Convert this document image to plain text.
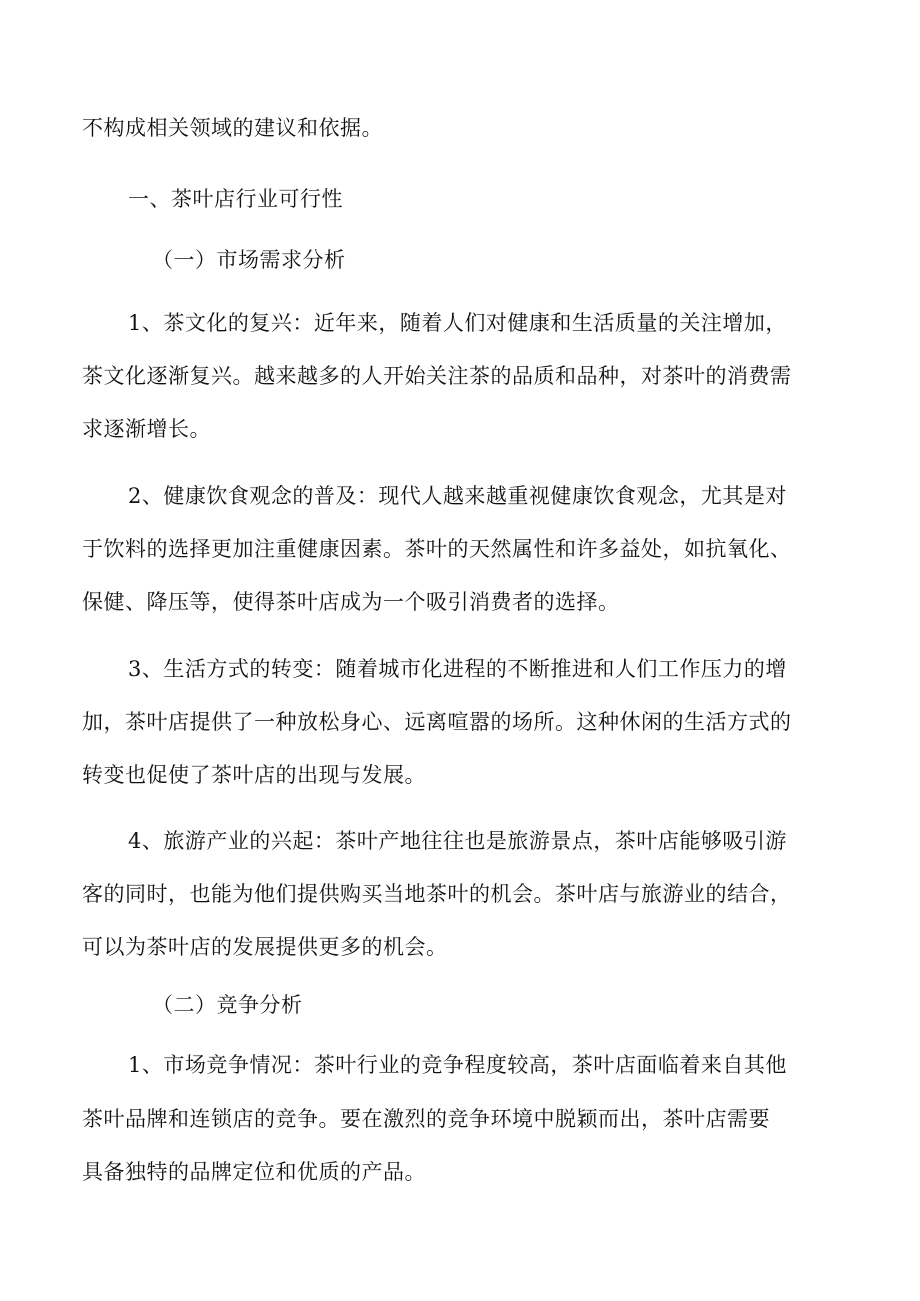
不构成相关领域的建议和依据。
一、茶叶店行业可行性
（一）市场需求分析
1、茶文化的复兴：近年来，随着人们对健康和生活质量的关注增加，
茶文化逐渐复兴。越来越多的人开始关注茶的品质和品种，对茶叶的消费需
求逐渐增长。
2、健康饮食观念的普及：现代人越来越重视健康饮食观念，尤其是对
于饮料的选择更加注重健康因素。茶叶的天然属性和许多益处，如抗氧化、
保健、降压等，使得茶叶店成为一个吸引消费者的选择。
3、生活方式的转变：随着城市化进程的不断推进和人们工作压力的增
加，茶叶店提供了一种放松身心、远离喧嚣的场所。这种休闲的生活方式的
转变也促使了茶叶店的出现与发展。
4、旅游产业的兴起：茶叶产地往往也是旅游景点，茶叶店能够吸引游
客的同时，也能为他们提供购买当地茶叶的机会。茶叶店与旅游业的结合，
可以为茶叶店的发展提供更多的机会。
（二）竞争分析
1、市场竞争情况：茶叶行业的竞争程度较高，茶叶店面临着来自其他
茶叶品牌和连锁店的竞争。要在激烈的竞争环境中脱颖而出，茶叶店需要
具备独特的品牌定位和优质的产品。
